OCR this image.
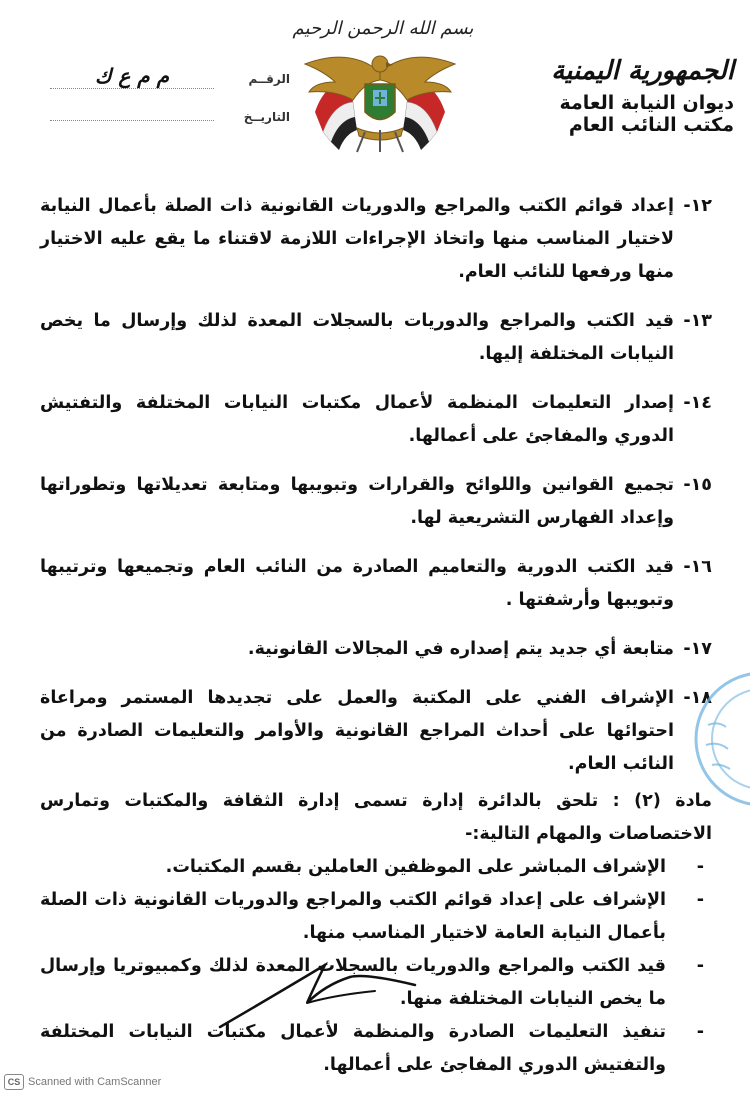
الجمهورية اليمنية
ديوان النيابة العامة
مكتب النائب العام
بسم الله الرحمن الرحيم
الرقــم
م م ع ك
التاريــخ
١٢-
إعداد قوائم الكتب والمراجع والدوريات القانونية ذات الصلة بأعمال النيابة لاختيار المناسب منها واتخاذ الإجراءات اللازمة لاقتناء ما يقع عليه الاختيار منها ورفعها للنائب العام.
١٣-
قيد الكتب والمراجع والدوريات بالسجلات المعدة لذلك وإرسال ما يخص النيابات المختلفة إليها.
١٤-
إصدار التعليمات المنظمة لأعمال مكتبات النيابات المختلفة والتفتيش الدوري والمفاجئ على أعمالها.
١٥-
تجميع القوانين واللوائح والقرارات وتبويبها ومتابعة تعديلاتها وتطوراتها وإعداد الفهارس التشريعية لها.
١٦-
قيد الكتب الدورية والتعاميم الصادرة من النائب العام وتجميعها وترتيبها وتبويبها وأرشفتها .
١٧-
متابعة أي جديد يتم إصداره في المجالات القانونية.
١٨-
الإشراف الفني على المكتبة والعمل على تجديدها المستمر ومراعاة احتوائها على أحداث المراجع القانونية والأوامر والتعليمات الصادرة من النائب العام.
مادة (٢) : تلحق بالدائرة إدارة تسمى إدارة الثقافة والمكتبات وتمارس الاختصاصات والمهام التالية:-
-
الإشراف المباشر على الموظفين العاملين بقسم المكتبات.
-
الإشراف على إعداد قوائم الكتب والمراجع والدوريات القانونية ذات الصلة بأعمال النيابة العامة لاختيار المناسب منها.
-
قيد الكتب والمراجع والدوريات بالسجلات المعدة لذلك وكمبيوتريا وإرسال ما يخص النيابات المختلفة منها.
-
تنفيذ التعليمات الصادرة والمنظمة لأعمال مكتبات النيابات المختلفة والتفتيش الدوري المفاجئ على أعمالها.
CS Scanned with CamScanner
